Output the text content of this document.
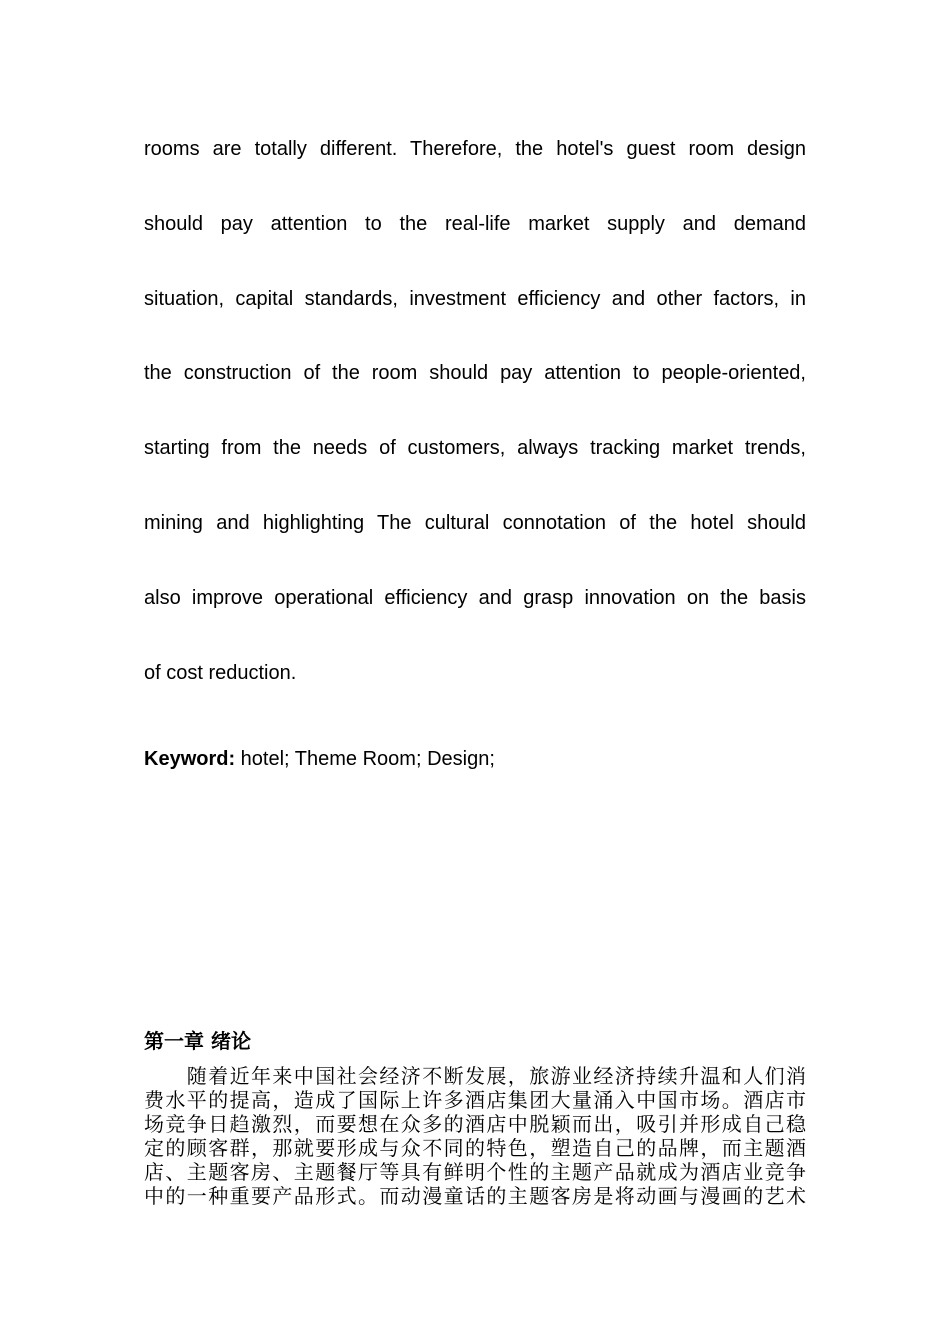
rooms are totally different. Therefore, the hotel's guest room design
should pay attention to the real-life market supply and demand
situation, capital standards, investment efficiency and other factors, in
the construction of the room should pay attention to people-oriented,
starting from the needs of customers, always tracking market trends,
mining and highlighting The cultural connotation of the hotel should
also improve operational efficiency and grasp innovation on the basis
of cost reduction.
Keyword: hotel; Theme Room; Design;
第一章 绪论
　　随着近年来中国社会经济不断发展，旅游业经济持续升温和人们消
费水平的提高，造成了国际上许多酒店集团大量涌入中国市场。酒店市
场竞争日趋激烈，而要想在众多的酒店中脱颖而出，吸引并形成自己稳
定的顾客群，那就要形成与众不同的特色，塑造自己的品牌，而主题酒
店、主题客房、主题餐厅等具有鲜明个性的主题产品就成为酒店业竞争
中的一种重要产品形式。而动漫童话的主题客房是将动画与漫画的艺术
